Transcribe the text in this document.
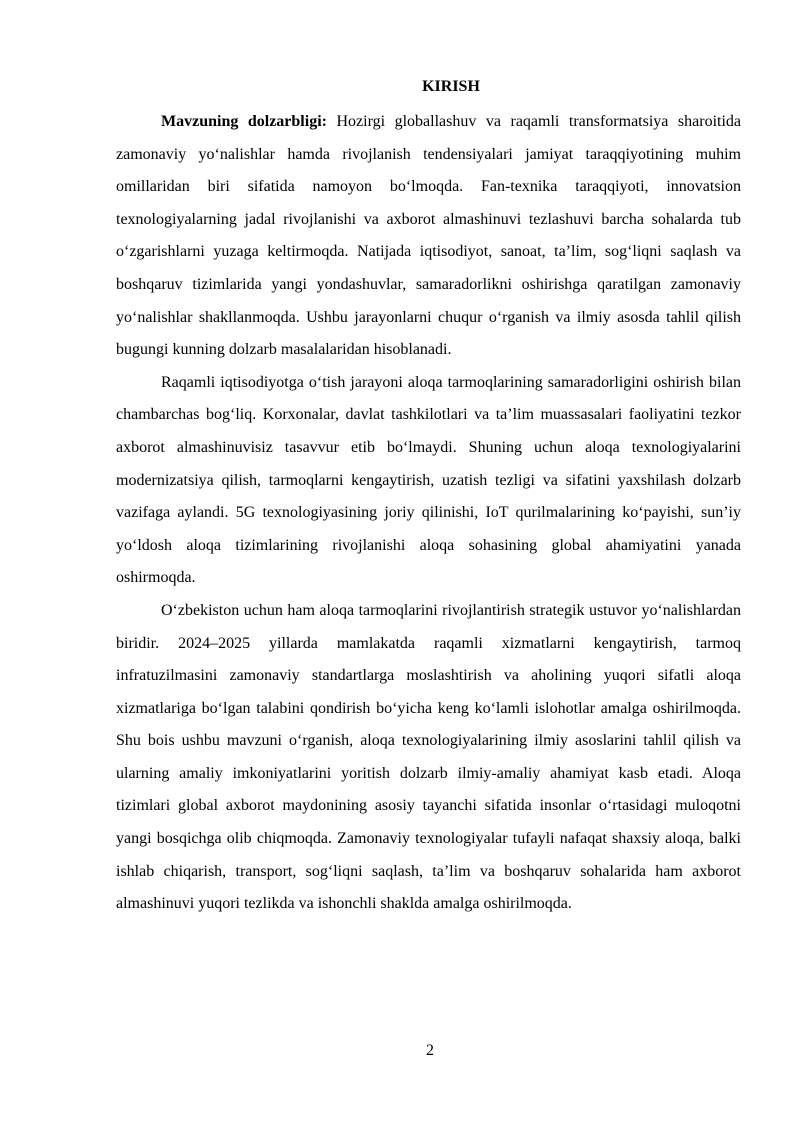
KIRISH

Mavzuning dolzarbligi: Hozirgi globallashuv va raqamli transformatsiya sharoitida zamonaviy yo‘nalishlar hamda rivojlanish tendensiyalari jamiyat taraqqiyotining muhim omillaridan biri sifatida namoyon bo‘lmoqda. Fan-texnika taraqqiyoti, innovatsion texnologiyalarning jadal rivojlanishi va axborot almashinuvi tezlashuvi barcha sohalarda tub o‘zgarishlarni yuzaga keltirmoqda. Natijada iqtisodiyot, sanoat, ta’lim, sog‘liqni saqlash va boshqaruv tizimlarida yangi yondashuvlar, samaradorlikni oshirishga qaratilgan zamonaviy yo‘nalishlar shakllanmoqda. Ushbu jarayonlarni chuqur o‘rganish va ilmiy asosda tahlil qilish bugungi kunning dolzarb masalalaridan hisoblanadi.

Raqamli iqtisodiyotga o‘tish jarayoni aloqa tarmoqlarining samaradorligini oshirish bilan chambarchas bog‘liq. Korxonalar, davlat tashkilotlari va ta’lim muassasalari faoliyatini tezkor axborot almashinuvisiz tasavvur etib bo‘lmaydi. Shuning uchun aloqa texnologiyalarini modernizatsiya qilish, tarmoqlarni kengaytirish, uzatish tezligi va sifatini yaxshilash dolzarb vazifaga aylandi. 5G texnologiyasining joriy qilinishi, IoT qurilmalarining ko‘payishi, sun’iy yo‘ldosh aloqa tizimlarining rivojlanishi aloqa sohasining global ahamiyatini yanada oshirmoqda.

O‘zbekiston uchun ham aloqa tarmoqlarini rivojlantirish strategik ustuvor yo‘nalishlardan biridir. 2024–2025 yillarda mamlakatda raqamli xizmatlarni kengaytirish, tarmoq infratuzilmasini zamonaviy standartlarga moslashtirish va aholining yuqori sifatli aloqa xizmatlariga bo‘lgan talabini qondirish bo‘yicha keng ko‘lamli islohotlar amalga oshirilmoqda. Shu bois ushbu mavzuni o‘rganish, aloqa texnologiyalarining ilmiy asoslarini tahlil qilish va ularning amaliy imkoniyatlarini yoritish dolzarb ilmiy-amaliy ahamiyat kasb etadi. Aloqa tizimlari global axborot maydonining asosiy tayanchi sifatida insonlar o‘rtasidagi muloqotni yangi bosqichga olib chiqmoqda. Zamonaviy texnologiyalar tufayli nafaqat shaxsiy aloqa, balki ishlab chiqarish, transport, sog‘liqni saqlash, ta’lim va boshqaruv sohalarida ham axborot almashinuvi yuqori tezlikda va ishonchli shaklda amalga oshirilmoqda.

2
